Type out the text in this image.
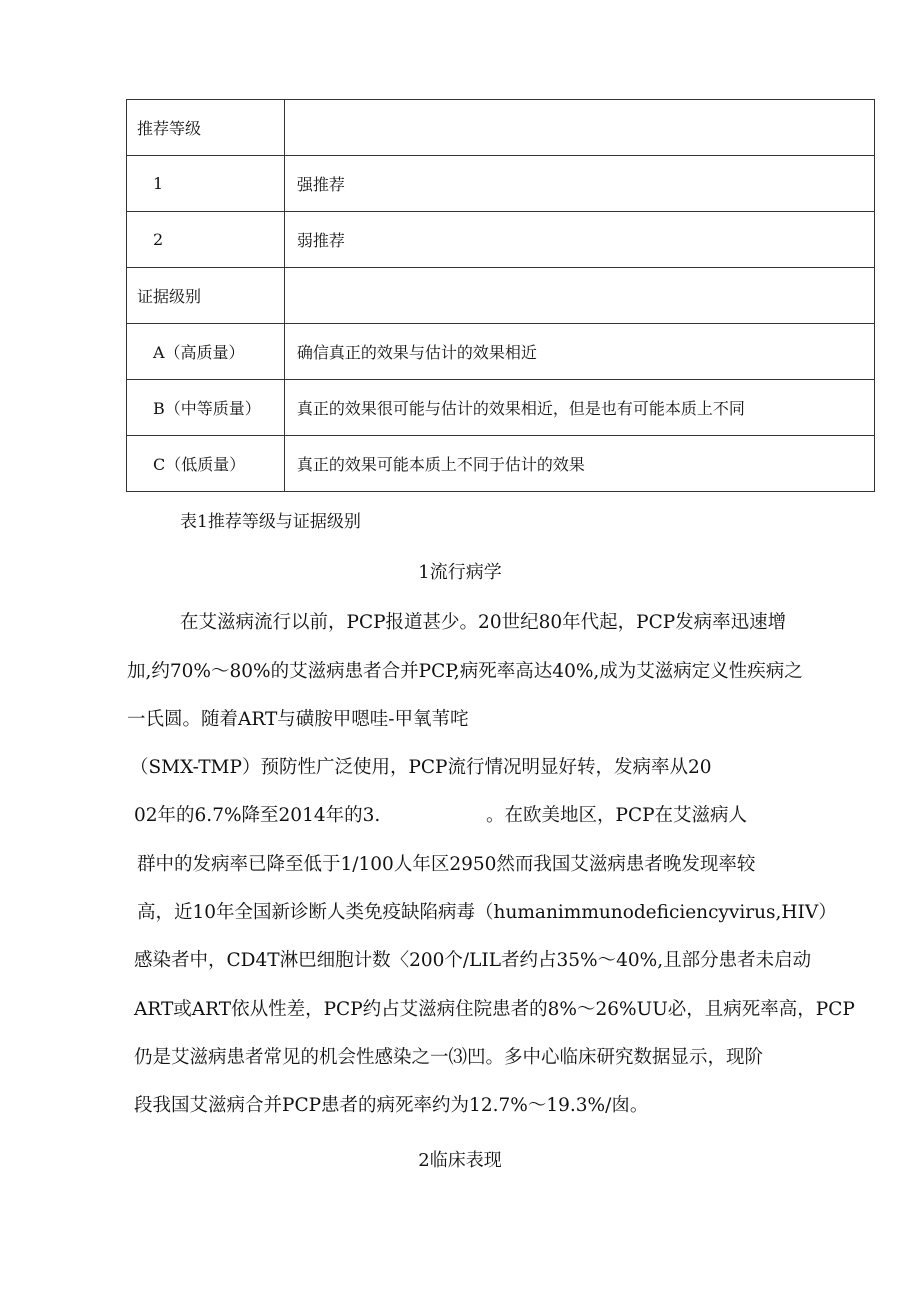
推荐等级	
1	强推荐
2	弱推荐
证据级别	
A（高质量）	确信真正的效果与估计的效果相近
B（中等质量）	真正的效果很可能与估计的效果相近，但是也有可能本质上不同
C（低质量）	真正的效果可能本质上不同于估计的效果
表1推荐等级与证据级别
1流行病学
在艾滋病流行以前，PCP报道甚少。20世纪80年代起，PCP发病率迅速增
加,约70%～80%的艾滋病患者合并PCP,病死率高达40%,成为艾滋病定义性疾病之
一氏圆。随着ART与磺胺甲嗯哇-甲氧苇咤
（SMX-TMP）预防性广泛使用，PCP流行情况明显好转，发病率从20
02年的6.7%降至2014年的3.	。在欧美地区，PCP在艾滋病人
群中的发病率已降至低于1/100人年区2950然而我国艾滋病患者晚发现率较
高，近10年全国新诊断人类免疫缺陷病毒（humanimmunodeficiencyvirus,HIV）
感染者中，CD4T淋巴细胞计数〈200个/LIL者约占35%～40%,且部分患者未启动
ART或ART依从性差，PCP约占艾滋病住院患者的8%～26%UU必，且病死率高，PCP
仍是艾滋病患者常见的机会性感染之一⑶凹。多中心临床研究数据显示，现阶
段我国艾滋病合并PCP患者的病死率约为12.7%～19.3%/囱。
2临床表现
